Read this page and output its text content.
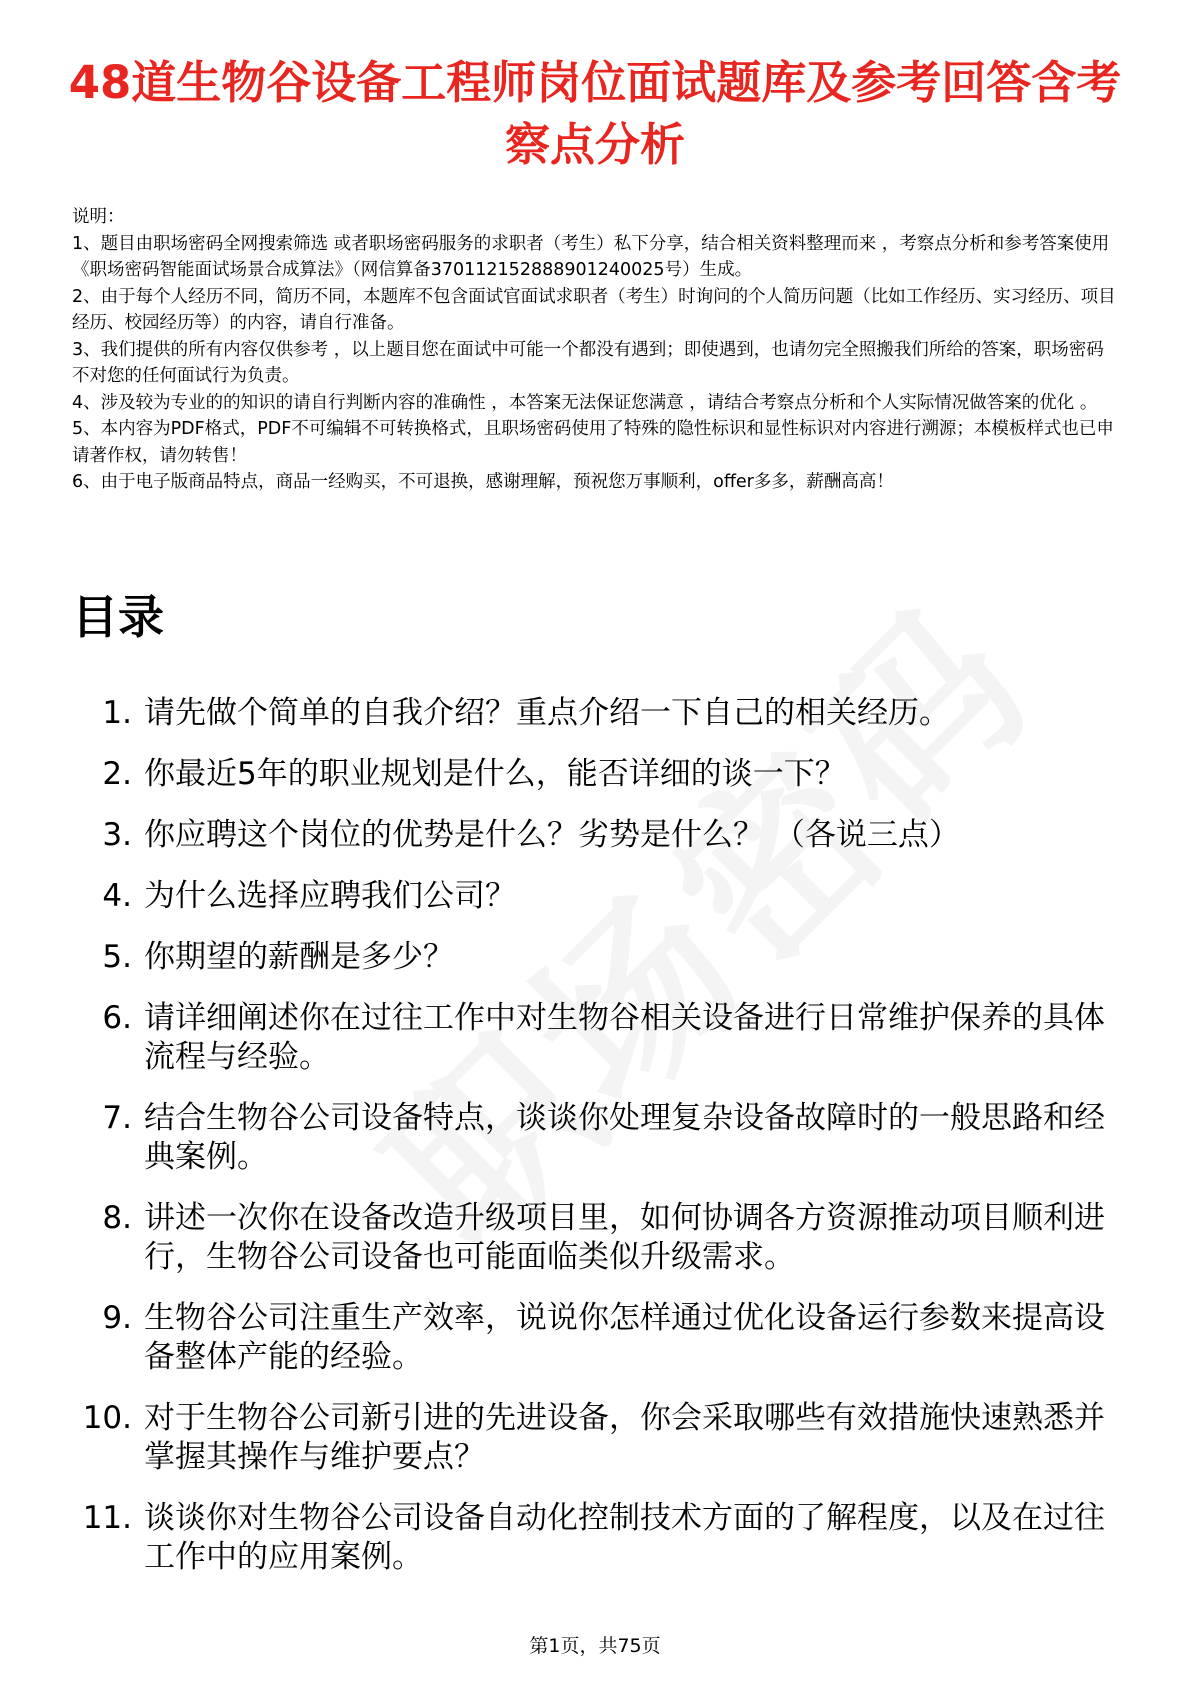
48道生物谷设备工程师岗位面试题库及参考回答含考察点分析

说明：

1、题目由职场密码全网搜索筛选 或者职场密码服务的求职者（考生）私下分享，结合相关资料整理而来 ，考察点分析和参考答案使用《职场密码智能面试场景合成算法》（网信算备370112152888901240025号）生成。

2、由于每个人经历不同，简历不同，本题库不包含面试官面试求职者（考生）时询问的个人简历问题（比如工作经历、实习经历、项目经历、校园经历等）的内容，请自行准备。

3、我们提供的所有内容仅供参考 ，以上题目您在面试中可能一个都没有遇到；即使遇到，也请勿完全照搬我们所给的答案，职场密码不对您的任何面试行为负责。

4、涉及较为专业的的知识的请自行判断内容的准确性 ，本答案无法保证您满意 ，请结合考察点分析和个人实际情况做答案的优化 。

5、本内容为PDF格式，PDF不可编辑不可转换格式，且职场密码使用了特殊的隐性标识和显性标识对内容进行溯源；本模板样式也已申请著作权，请勿转售！

6、由于电子版商品特点，商品一经购买，不可退换，感谢理解，预祝您万事顺利，offer多多，薪酬高高！

目录
1. 请先做个简单的自我介绍？重点介绍一下自己的相关经历。
2. 你最近5年的职业规划是什么，能否详细的谈一下？
3. 你应聘这个岗位的优势是什么？劣势是什么？ （各说三点）
4. 为什么选择应聘我们公司？
5. 你期望的薪酬是多少？
6. 请详细阐述你在过往工作中对生物谷相关设备进行日常维护保养的具体流程与经验。
7. 结合生物谷公司设备特点，谈谈你处理复杂设备故障时的一般思路和经典案例。
8. 讲述一次你在设备改造升级项目里，如何协调各方资源推动项目顺利进行，生物谷公司设备也可能面临类似升级需求。
9. 生物谷公司注重生产效率，说说你怎样通过优化设备运行参数来提高设备整体产能的经验。
10. 对于生物谷公司新引进的先进设备，你会采取哪些有效措施快速熟悉并掌握其操作与维护要点？
11. 谈谈你对生物谷公司设备自动化控制技术方面的了解程度，以及在过往工作中的应用案例。
第1页，共75页
